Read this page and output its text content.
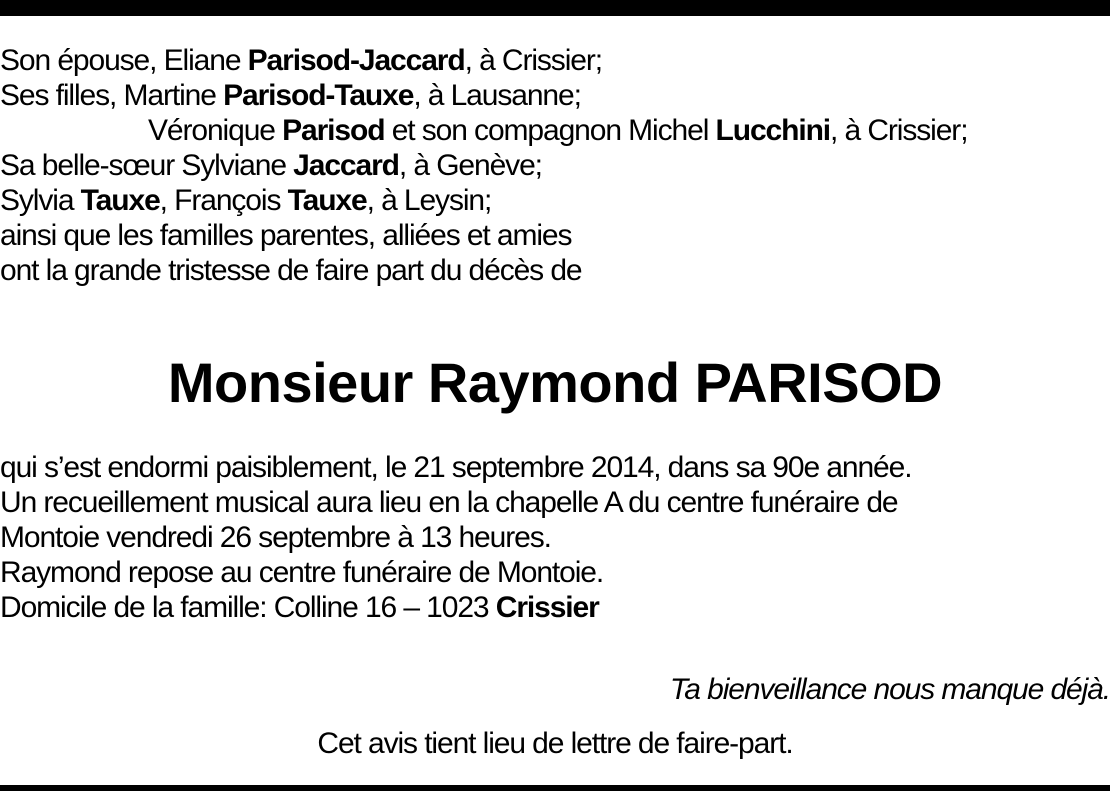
Son épouse, Eliane Parisod-Jaccard, à Crissier;
Ses filles, Martine Parisod-Tauxe, à Lausanne;
Véronique Parisod et son compagnon Michel Lucchini, à Crissier;
Sa belle-sœur Sylviane Jaccard, à Genève;
Sylvia Tauxe, François Tauxe, à Leysin;
ainsi que les familles parentes, alliées et amies
ont la grande tristesse de faire part du décès de
Monsieur Raymond PARISOD
qui s’est endormi paisiblement, le 21 septembre 2014, dans sa 90e année.
Un recueillement musical aura lieu en la chapelle A du centre funéraire de
Montoie vendredi 26 septembre à 13 heures.
Raymond repose au centre funéraire de Montoie.
Domicile de la famille: Colline 16 – 1023 Crissier
Ta bienveillance nous manque déjà.
Cet avis tient lieu de lettre de faire-part.
